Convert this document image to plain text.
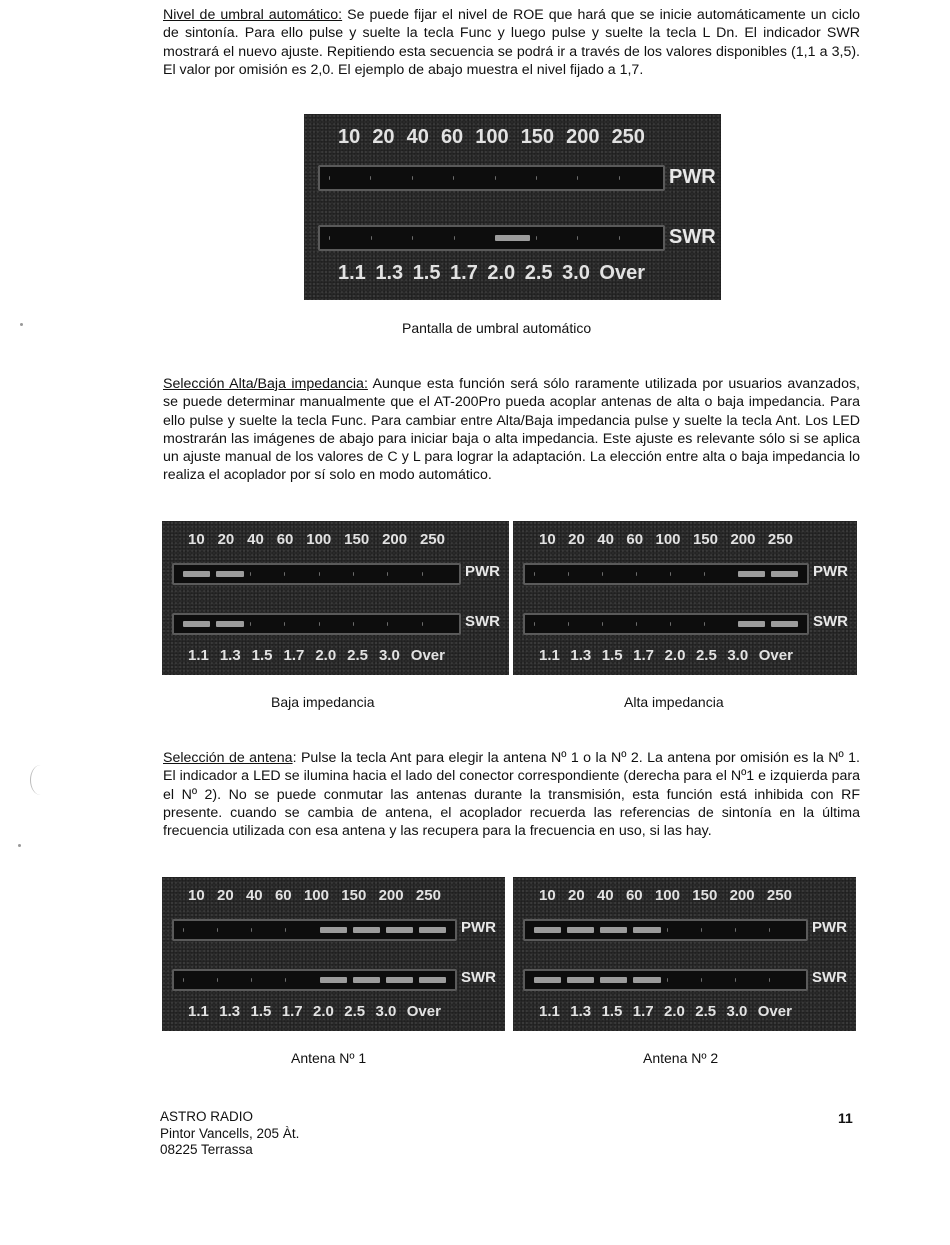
Nivel de umbral automático: Se puede fijar el nivel de ROE que hará que se inicie automáticamente un ciclo de sintonía. Para ello pulse y suelte la tecla Func y luego pulse y suelte la tecla L Dn. El indicador SWR mostrará el nuevo ajuste. Repitiendo esta secuencia se podrá ir a través de los valores disponibles (1,1 a 3,5). El valor por omisión es 2,0. El ejemplo de abajo muestra el nivel fijado a 1,7.

10 20 40 60 100 150 200 250
PWR
SWR
1.1 1.3 1.5 1.7 2.0 2.5 3.0 Over

Pantalla de umbral automático

Selección Alta/Baja impedancia: Aunque esta función será sólo raramente utilizada por usuarios avanzados, se puede determinar manualmente que el AT-200Pro pueda acoplar antenas de alta o baja impedancia. Para ello pulse y suelte la tecla Func. Para cambiar entre Alta/Baja impedancia pulse y suelte la tecla Ant. Los LED mostrarán las imágenes de abajo para iniciar baja o alta impedancia. Este ajuste es relevante sólo si se aplica un ajuste manual de los valores de C y L para lograr la adaptación. La elección entre alta o baja impedancia lo realiza el acoplador por sí solo en modo automático.

10 20 40 60 100 150 200 250
PWR
SWR
1.1 1.3 1.5 1.7 2.0 2.5 3.0 Over
10 20 40 60 100 150 200 250
PWR
SWR
1.1 1.3 1.5 1.7 2.0 2.5 3.0 Over

Baja impedancia	Alta impedancia

Selección de antena: Pulse la tecla Ant para elegir la antena Nº 1 o la Nº 2. La antena por omisión es la Nº 1. El indicador a LED se ilumina hacia el lado del conector correspondiente (derecha para el Nº1 e izquierda para el Nº 2). No se puede conmutar las antenas durante la transmisión, esta función está inhibida con RF presente. cuando se cambia de antena, el acoplador recuerda las referencias de sintonía en la última frecuencia utilizada con esa antena y las recupera para la frecuencia en uso, si las hay.

10 20 40 60 100 150 200 250
PWR
SWR
1.1 1.3 1.5 1.7 2.0 2.5 3.0 Over
10 20 40 60 100 150 200 250
PWR
SWR
1.1 1.3 1.5 1.7 2.0 2.5 3.0 Over

Antena Nº 1	Antena Nº 2

ASTRO RADIO
Pintor Vancells, 205 Àt.
08225 Terrassa

11
